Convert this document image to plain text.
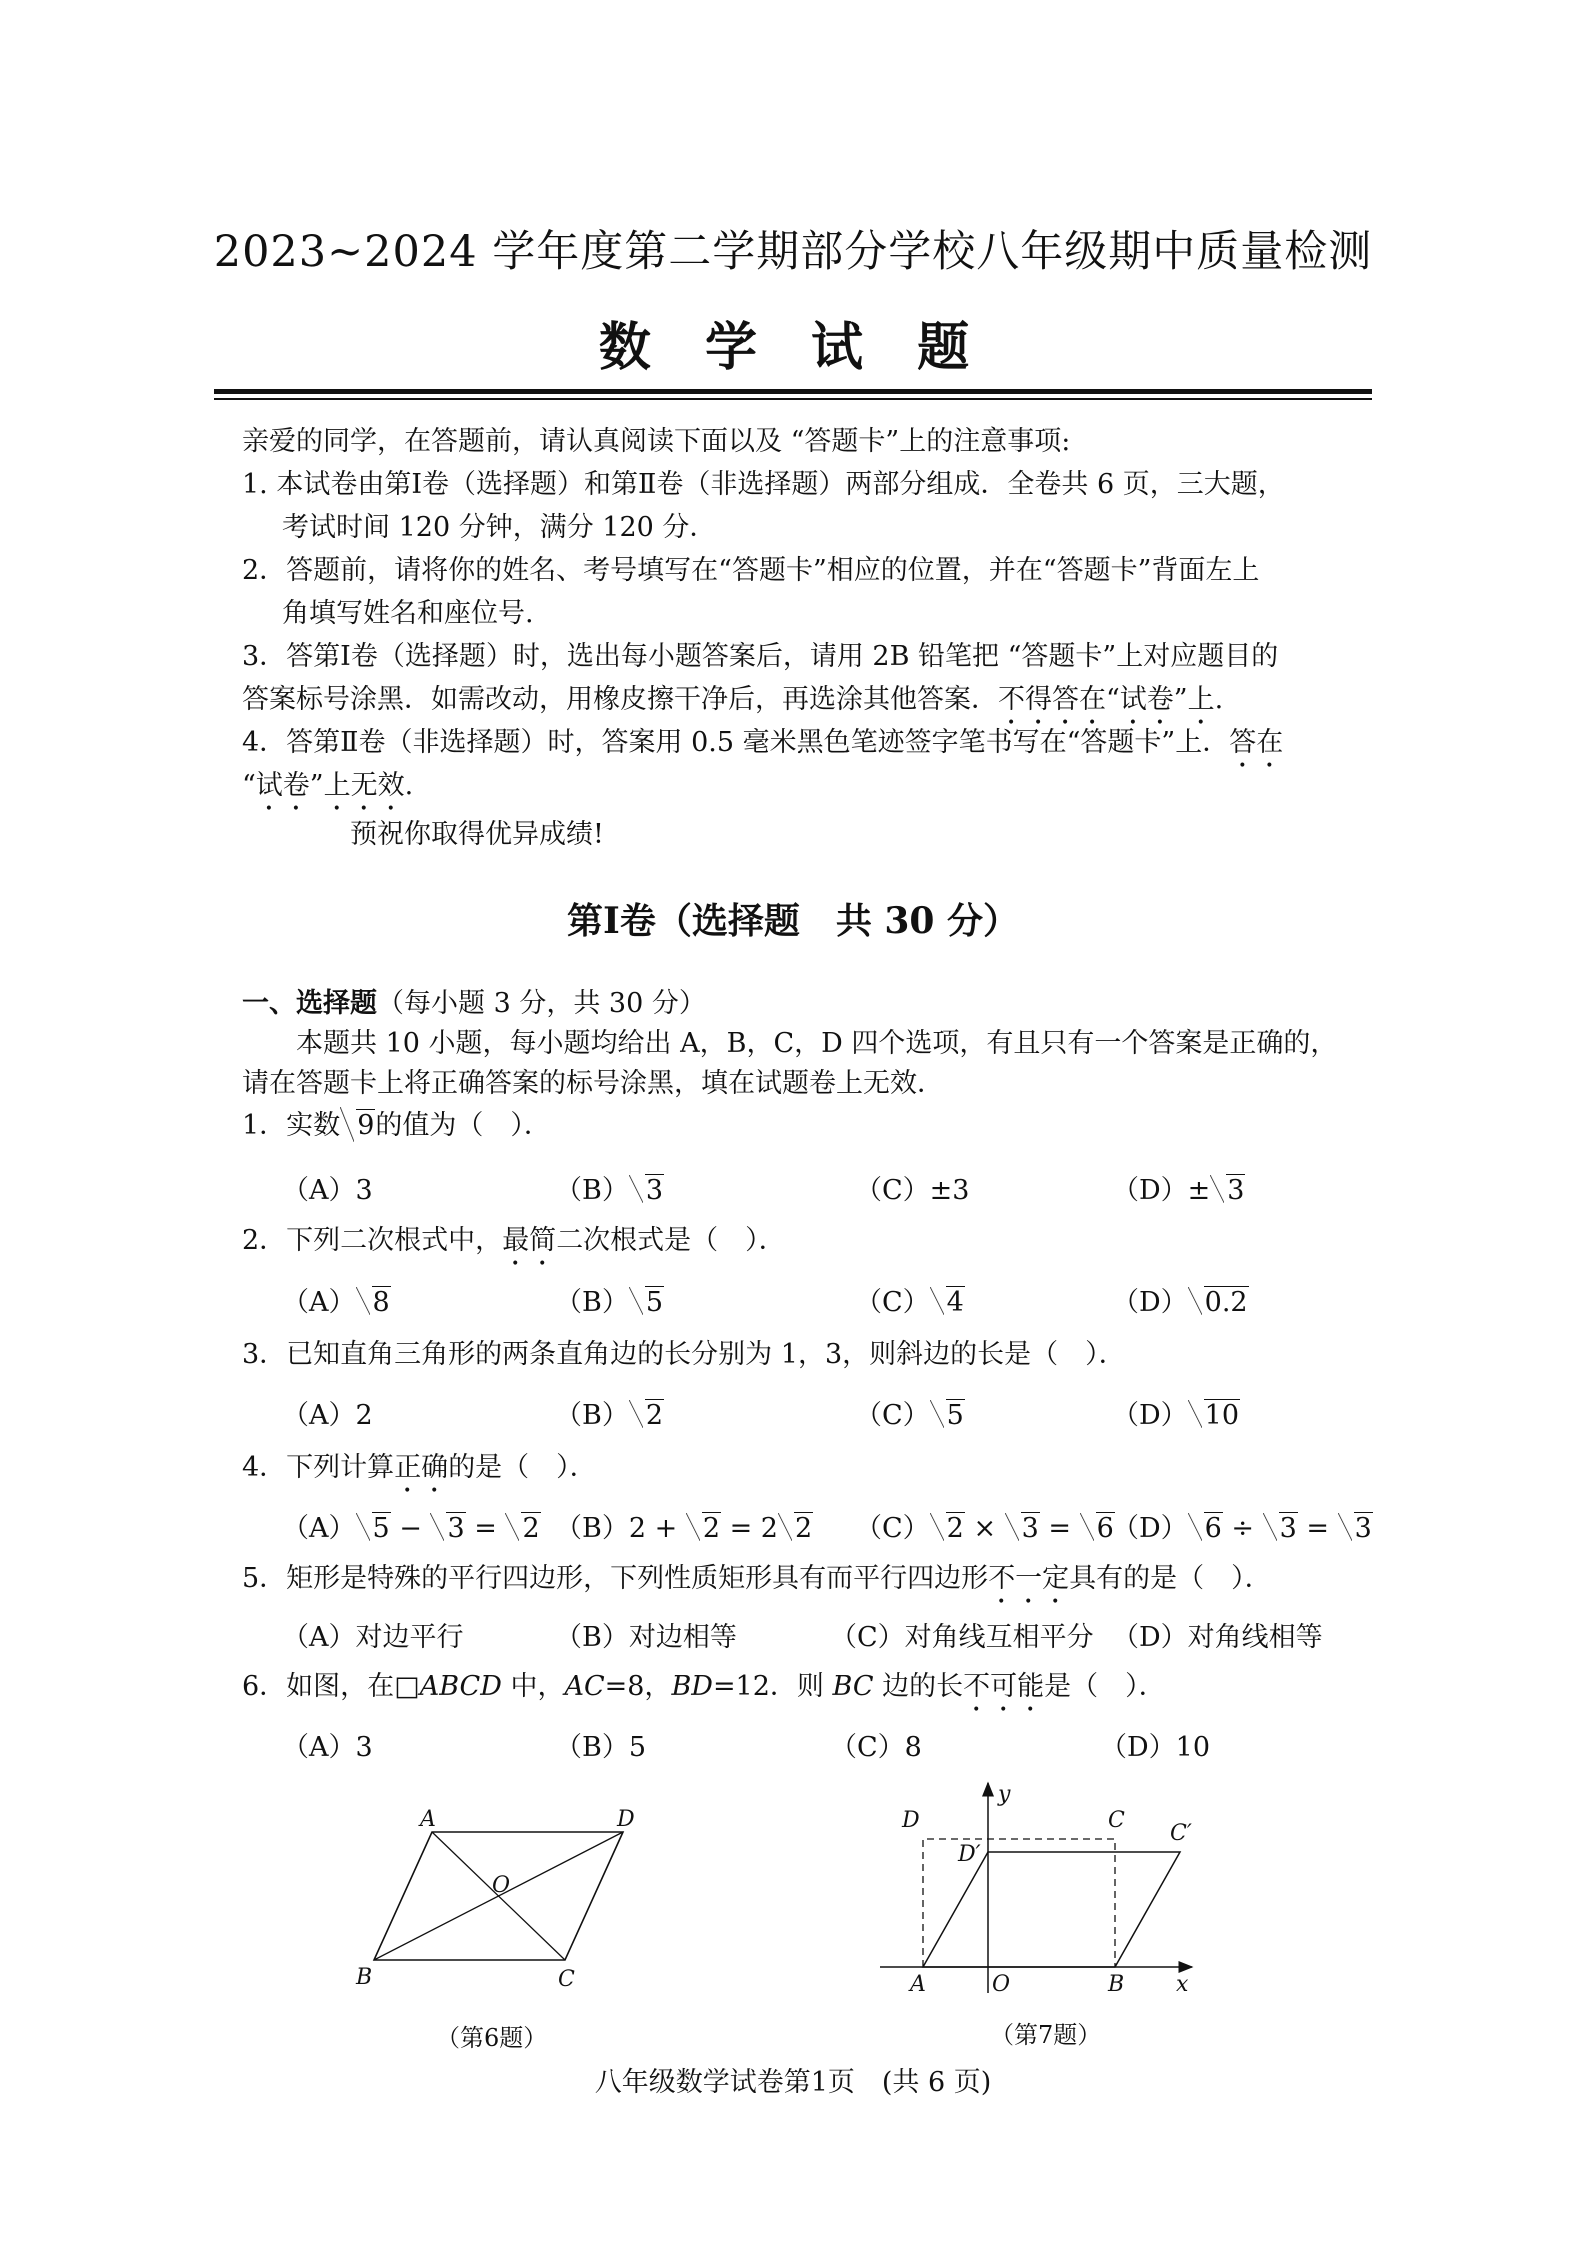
2023~2024 学年度第二学期部分学校八年级期中质量检测
数 学 试 题
亲爱的同学，在答题前，请认真阅读下面以及 “答题卡”上的注意事项:
1. 本试卷由第Ⅰ卷（选择题）和第Ⅱ卷（非选择题）两部分组成．全卷共 6 页，三大题，
考试时间 120 分钟，满分 120 分．
2．答题前，请将你的姓名、考号填写在“答题卡”相应的位置，并在“答题卡”背面左上
角填写姓名和座位号.
3．答第Ⅰ卷（选择题）时，选出每小题答案后，请用 2B 铅笔把 “答题卡”上对应题目的
答案标号涂黑．如需改动，用橡皮擦干净后，再选涂其他答案．不得答在“试卷”上.
4．答第Ⅱ卷（非选择题）时，答案用 0.5 毫米黑色笔迹签字笔书写在“答题卡”上．答在
“试卷”上无效.
预祝你取得优异成绩!
第Ⅰ卷（选择题　共 30 分）
一、选择题（每小题 3 分，共 30 分）
本题共 10 小题，每小题均给出 A，B，C，D 四个选项，有且只有一个答案是正确的，
请在答题卡上将正确答案的标号涂黑，填在试题卷上无效．
1．实数 9的值为（　）．
（A）3	（B） 3	（C）±3	（D）± 3
2．下列二次根式中，最简二次根式是（　）．
（A） 8	（B） 5	（C） 4	（D） 0.2
3．已知直角三角形的两条直角边的长分别为 1，3，则斜边的长是（　）．
（A）2	（B） 2	（C） 5	（D） 10
4．下列计算正确的是（　）．
（A） 5 − 3 = 2 （B）2 + 2 = 2 2 （C） 2 × 3 = 6
（D） 6 ÷ 3 = 3
5．矩形是特殊的平行四边形，下列性质矩形具有而平行四边形不一定具有的是（　）．
（A）对边平行	（B）对边相等	（C）对角线互相平分 （D）对角线相等
6．如图，在□ABCD 中，AC=8，BD=12．则 BC 边的长不可能是（　）．
（A）3	（B）5	（C）8	（D）10
A	D
B	C
O
（第6题）
D	C
D′
C′
y
x
A	O	B
（第7题）
八年级数学试卷第1页　(共 6 页)
